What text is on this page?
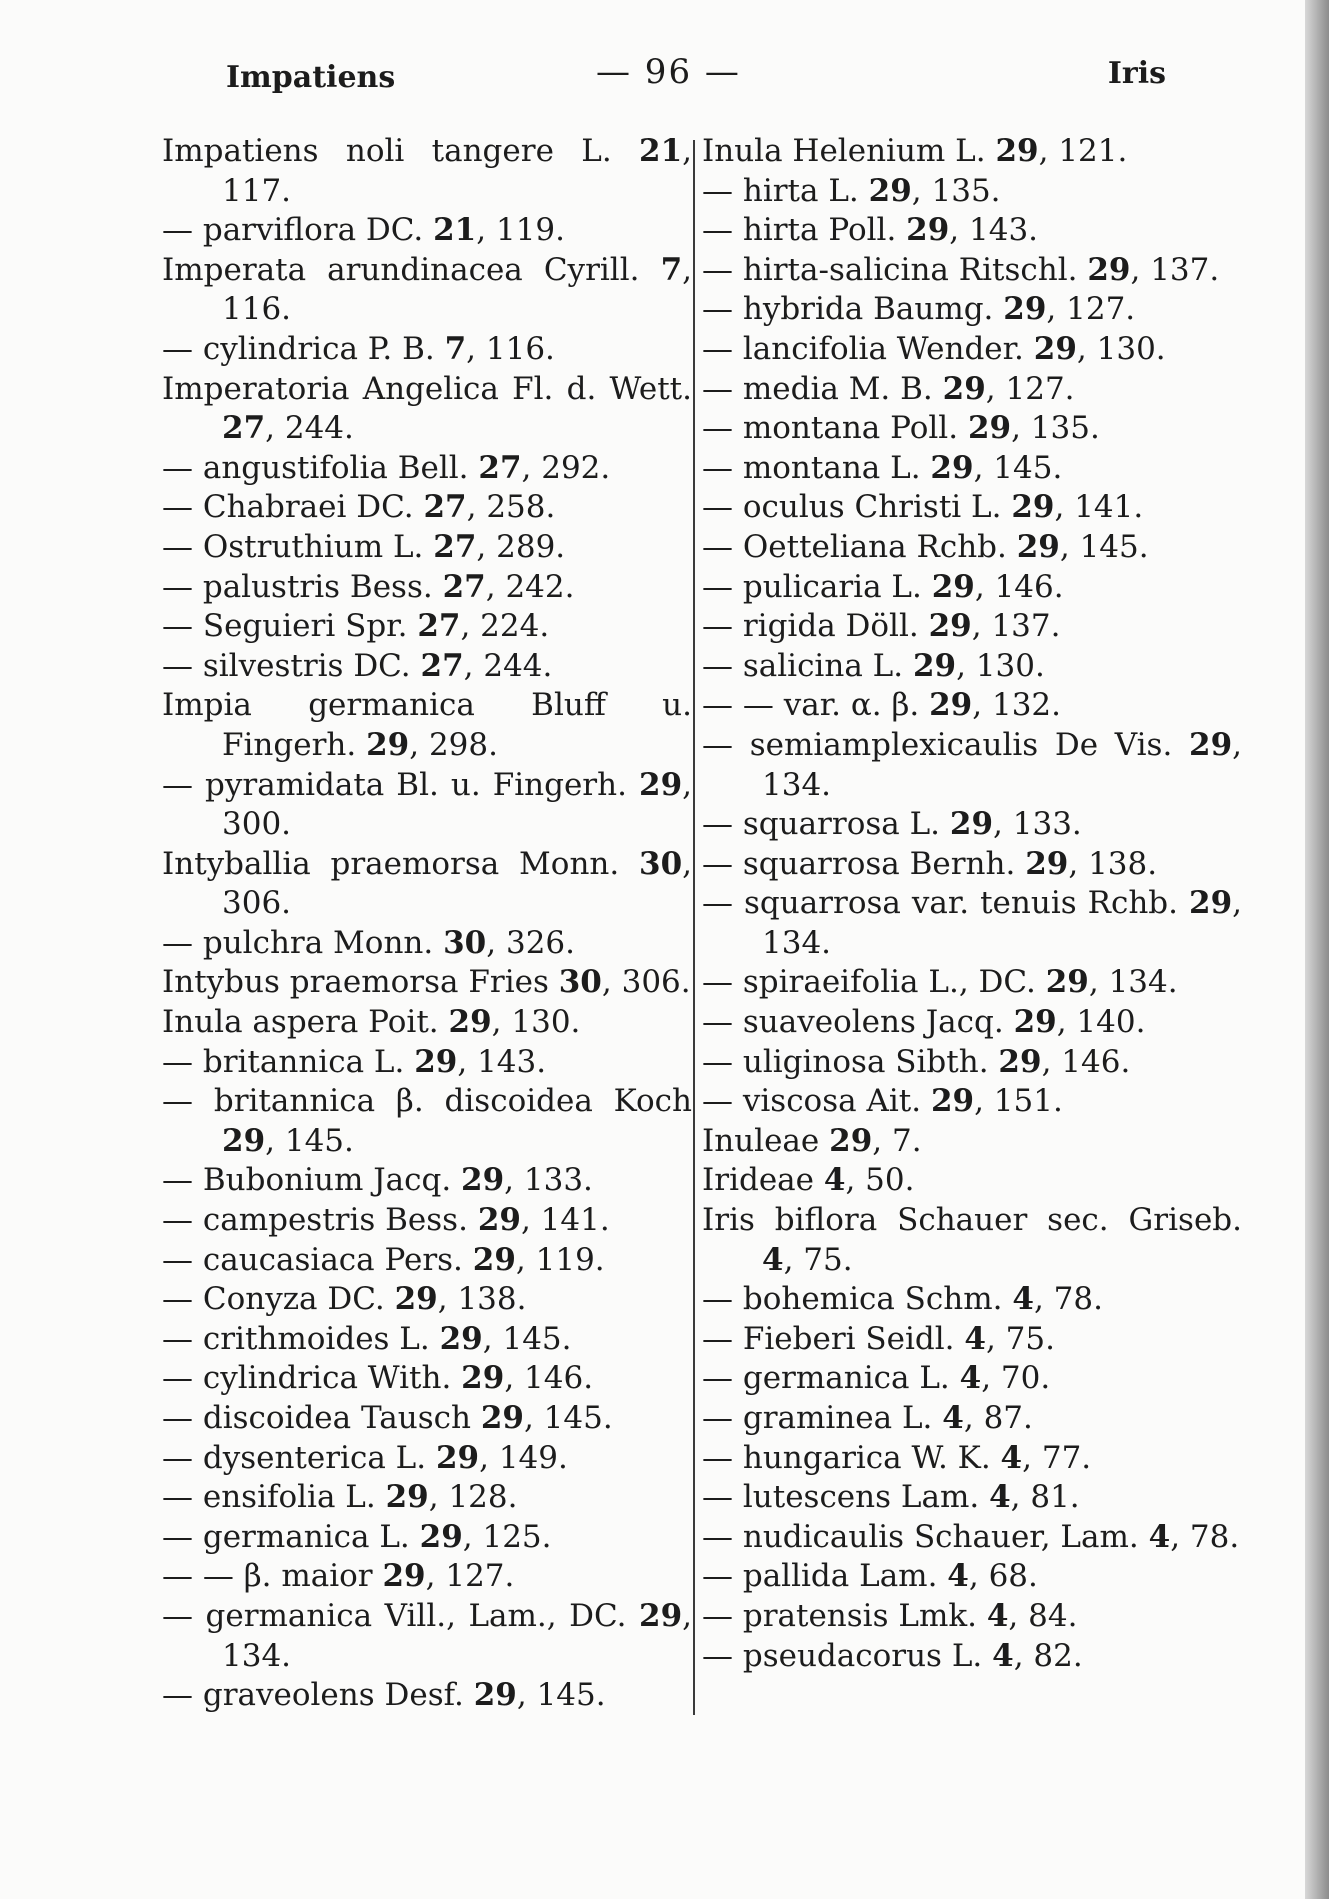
Impatiens	— 96 —	Iris
Impatiens noli tangere L. 21, 117.
— parviflora DC. 21, 119.
Imperata arundinacea Cyrill. 7, 116.
— cylindrica P. B. 7, 116.
Imperatoria Angelica Fl. d. Wett. 27, 244.
— angustifolia Bell. 27, 292.
— Chabraei DC. 27, 258.
— Ostruthium L. 27, 289.
— palustris Bess. 27, 242.
— Seguieri Spr. 27, 224.
— silvestris DC. 27, 244.
Impia germanica Bluff u. Fingerh. 29, 298.
— pyramidata Bl. u. Fingerh. 29, 300.
Intyballia praemorsa Monn. 30, 306.
— pulchra Monn. 30, 326.
Intybus praemorsa Fries 30, 306.
Inula aspera Poit. 29, 130.
— britannica L. 29, 143.
— britannica β. discoidea Koch 29, 145.
— Bubonium Jacq. 29, 133.
— campestris Bess. 29, 141.
— caucasiaca Pers. 29, 119.
— Conyza DC. 29, 138.
— crithmoides L. 29, 145.
— cylindrica With. 29, 146.
— discoidea Tausch 29, 145.
— dysenterica L. 29, 149.
— ensifolia L. 29, 128.
— germanica L. 29, 125.
— — β. maior 29, 127.
— germanica Vill., Lam., DC. 29, 134.
— graveolens Desf. 29, 145.
Inula Helenium L. 29, 121.
— hirta L. 29, 135.
— hirta Poll. 29, 143.
— hirta-salicina Ritschl. 29, 137.
— hybrida Baumg. 29, 127.
— lancifolia Wender. 29, 130.
— media M. B. 29, 127.
— montana Poll. 29, 135.
— montana L. 29, 145.
— oculus Christi L. 29, 141.
— Oetteliana Rchb. 29, 145.
— pulicaria L. 29, 146.
— rigida Döll. 29, 137.
— salicina L. 29, 130.
— — var. α. β. 29, 132.
— semiamplexicaulis De Vis. 29, 134.
— squarrosa L. 29, 133.
— squarrosa Bernh. 29, 138.
— squarrosa var. tenuis Rchb. 29, 134.
— spiraeifolia L., DC. 29, 134.
— suaveolens Jacq. 29, 140.
— uliginosa Sibth. 29, 146.
— viscosa Ait. 29, 151.
Inuleae 29, 7.
Irideae 4, 50.
Iris biflora Schauer sec. Griseb. 4, 75.
— bohemica Schm. 4, 78.
— Fieberi Seidl. 4, 75.
— germanica L. 4, 70.
— graminea L. 4, 87.
— hungarica W. K. 4, 77.
— lutescens Lam. 4, 81.
— nudicaulis Schauer, Lam. 4, 78.
— pallida Lam. 4, 68.
— pratensis Lmk. 4, 84.
— pseudacorus L. 4, 82.
